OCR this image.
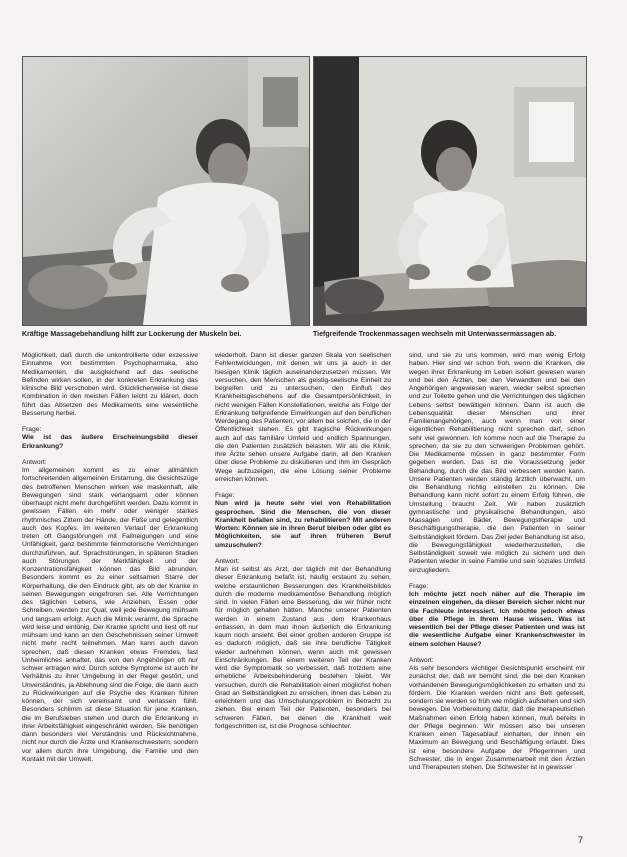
Kräftige Massagebehandlung hilft zur Lockerung der Muskeln bei.	Tiefgreifende Trockenmassagen wechseln mit Unterwassermassagen ab.

Möglichkeit, daß durch die unkontrollierte oder exzessive Einnahme von bestimmten Psychopharmaka, also Medikamenten, die ausgleichend auf das seelische Befinden wirken sollen, in der konkreten Erkrankung das klinische Bild verschoben wird. Glücklicherweise ist diese Kombination in den meisten Fällen leicht zu klären, doch führt das Absetzen des Medikaments eine wesentliche Besserung herbei.

Frage:

Wie ist das äußere Erscheinungsbild dieser Erkrankung?

Antwort:

Im allgemeinen kommt es zu einer allmählich fortschreitenden allgemeinen Erstarrung, die Gesichtszüge des betroffenen Menschen wirken wie maskenhaft, alle Bewegungen sind stark verlangsamt oder können überhaupt nicht mehr durchgeführt werden. Dazu kommt in gewissen Fällen ein mehr oder weniger starkes rhythmisches Zittern der Hände, der Füße und gelegentlich auch des Kopfes. Im weiteren Verlauf der Erkrankung treten oft Gangstörungen mit Fallneigungen und eine Unfähigkeit, ganz bestimmte feinmotorische Verrichtungen durchzuführen, auf. Sprachstörungen, in späteren Stadien auch Störungen der Merkfähigkeit und der Konzentrationsfähigkeit können das Bild abrunden. Besonders kommt es zu einer seltsamen Starre der Körperhaltung, die den Eindruck gibt, als ob der Kranke in seinen Bewegungen eingefroren sei. Alle Verrichtungen des täglichen Lebens, wie Anziehen, Essen oder Schreiben, werden zur Qual, weil jede Bewegung mühsam und langsam erfolgt. Auch die Mimik verarmt, die Sprache wird leise und eintönig. Der Kranke spricht und liest oft nur mühsam und kann an den Geschehnissen seiner Umwelt nicht mehr recht teilnehmen. Man kann auch davon sprechen, daß diesen Kranken etwas Fremdes, fast Unheimliches anhaftet, das von den Angehörigen oft nur schwer ertragen wird. Durch solche Symptome ist auch ihr Verhältnis zu ihrer Umgebung in der Regel gestört, und Unverständnis, ja Ablehnung sind die Folge, die dann auch zu Rückwirkungen auf die Psyche des Kranken führen können, der sich vereinsamt und verlassen fühlt. Besonders schlimm ist diese Situation für jene Kranken, die im Berufsleben stehen und durch die Erkrankung in ihrer Arbeitsfähigkeit eingeschränkt werden. Sie benötigen dann besonders viel Verständnis und Rücksichtnahme, nicht nur durch die Ärzte und Krankenschwestern, sondern vor allem durch ihre Umgebung, die Familie und den Kontakt mit der Umwelt.

wiederholt. Dann ist dieser ganzen Skala von seelischen Fehlentwicklungen, mit denen wir uns ja auch in der hiesigen Klinik täglich auseinanderzusetzen müssen. Wir versuchen, den Menschen als geistig-seelische Einheit zu begreifen und zu untersuchen, den Einfluß des Krankheitsgeschehens auf die Gesamtpersönlichkeit, in nicht wenigen Fällen Konstellationen, welche als Folge der Erkrankung tiefgreifende Einwirkungen auf den beruflichen Werdegang des Patienten, vor allem bei solchen, die in der Öffentlichkeit stehen. Es gibt tragische Rückwirkungen auch auf das familiäre Umfeld und endlich Spannungen, die den Patienten zusätzlich belasten. Wir als die Klinik, ihre Ärzte sehen unsere Aufgabe darin, all den Kranken über diese Probleme zu diskutieren und ihm im Gespräch Wege aufzuzeigen, die eine Lösung seiner Probleme erreichen können.

Frage:

Nun wird ja heute sehr viel von Rehabilitation gesprochen. Sind die Menschen, die von dieser Krankheit befallen sind, zu rehabilitieren? Mit anderen Worten: Können sie in ihren Beruf bleiben oder gibt es Möglichkeiten, sie auf ihren früheren Beruf umzuschulen?

Antwort:

Man ist selbst als Arzt, der täglich mit der Behandlung dieser Erkrankung befaßt ist, häufig erstaunt zu sehen, welche erstaunlichen Besserungen des Krankheitsbildes durch die moderne medikamentöse Behandlung möglich sind. In vielen Fällen eine Besserung, die wir früher nicht für möglich gehalten hätten. Manche unserer Patienten werden in einem Zustand aus dem Krankenhaus entlassen, in dem man ihnen äußerlich die Erkrankung kaum noch ansieht. Bei einer großen anderen Gruppe ist es dadurch möglich, daß sie ihre berufliche Tätigkeit wieder aufnehmen können, wenn auch mit gewissen Einschränkungen. Bei einem weiteren Teil der Kranken wird die Symptomatik so verbessert, daß trotzdem eine erhebliche Arbeitsbehinderung bestehen bleibt. Wir versuchen, durch die Rehabilitation einen möglichst hohen Grad an Selbständigkeit zu erreichen, ihnen das Leben zu erleichtern und das Umschulungsproblem in Betracht zu ziehen. Bei einem Teil der Patienten, besonders bei schweren Fällen, bei denen die Krankheit weit fortgeschritten ist, ist die Prognose schlechter.

sind, und sie zu uns kommen, wird man wenig Erfolg haben. Hier sind wir schon froh, wenn die Kranken, die wegen ihrer Erkrankung im Leben isoliert gewesen waren und bei den Ärzten, bei den Verwandten und bei den Angehörigen angewiesen waren, wieder selbst sprechen und zur Toilette gehen und die Verrichtungen des täglichen Lebens selbst bewältigen können. Dann ist auch die Lebensqualität dieser Menschen und ihrer Familienangehörigen, auch wenn man von einer eigentlichen Rehabilitierung nicht sprechen darf, schon sehr viel gewonnen. Ich komme noch auf die Therapie zu sprechen, da sie zu den schwierigen Problemen gehört. Die Medikamente müssen in ganz bestimmter Form gegeben werden. Das ist die Voraussetzung jeder Behandlung, durch die das Bild verbessert werden kann. Unsere Patienten werden ständig ärztlich überwacht, um die Behandlung richtig einstellen zu können. Die Behandlung kann nicht sofort zu einem Erfolg führen, die Umstellung braucht Zeit. Wir haben zusätzlich gymnastische und physikalische Behandlungen, also Massagen und Bäder, Bewegungstherapie und Beschäftigungstherapie, die den Patienten in seiner Selbständigkeit fördern. Das Ziel jeder Behandlung ist also, die Bewegungsfähigkeit wiederherzustellen, die Selbständigkeit soweit wie möglich zu sichern und den Patienten wieder in seine Familie und sein soziales Umfeld einzugliedern.

Frage:

Ich möchte jetzt noch näher auf die Therapie im einzelnen eingehen, da dieser Bereich sicher nicht nur die Fachleute interessiert. Ich möchte jedoch etwas über die Pflege in Ihrem Hause wissen. Was ist wesentlich bei der Pflege dieser Patienten und was ist die wesentliche Aufgabe einer Krankenschwester in einem solchen Hause?

Antwort:

Als sehr besonders wichtiger Gesichtspunkt erscheint mir zunächst der, daß wir bemüht sind, die bei den Kranken vorhandenen Bewegungsmöglichkeiten zu erhalten und zu fördern. Die Kranken werden nicht ans Bett gefesselt, sondern sie werden so früh wie möglich aufstehen und sich bewegen. Die Vorbereitung dafür, daß die therapeutischen Maßnahmen einen Erfolg haben können, muß bereits in der Pflege beginnen. Wir müssen also bei unseren Kranken einen Tagesablauf einhalten, der ihnen ein Maximum an Bewegung und Beschäftigung erlaubt. Dies ist eine besondere Aufgabe der Pflegerinnen und Schwester, die in enger Zusammenarbeit mit den Ärzten und Therapeuten stehen. Die Schwester ist in gewisser

7
